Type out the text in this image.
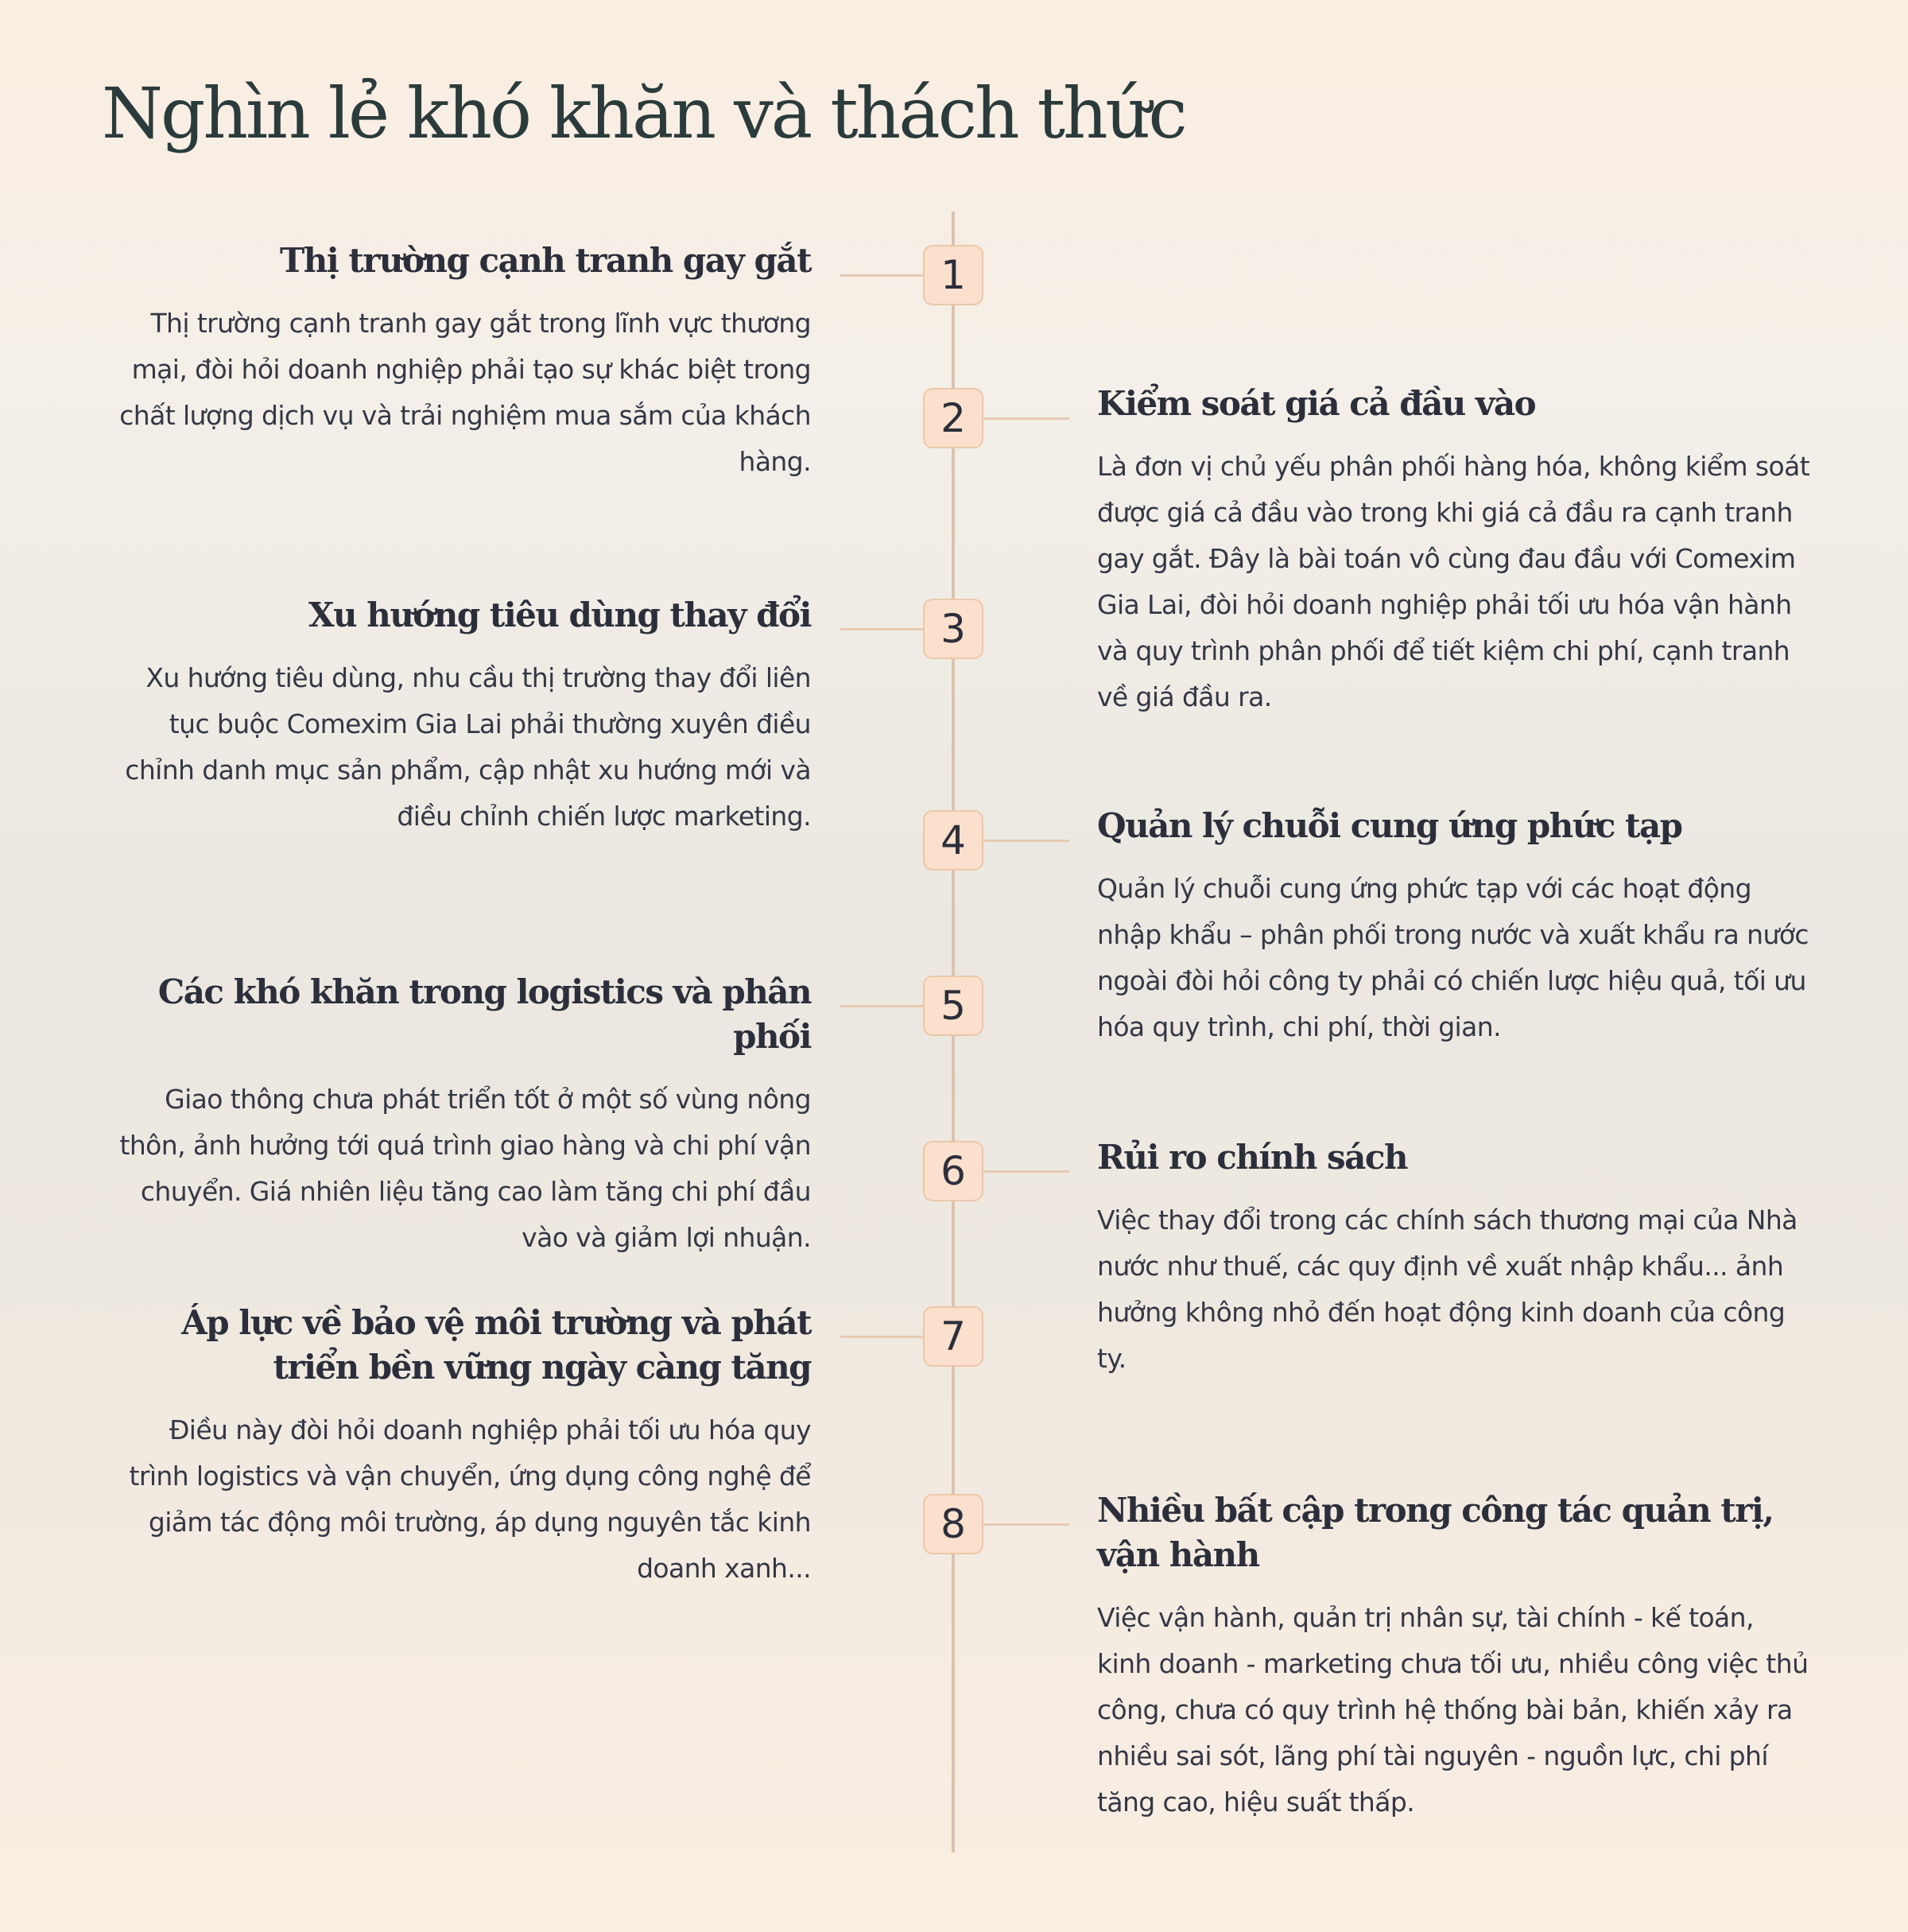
Nghìn lẻ khó khăn và thách thức
1
Thị trường cạnh tranh gay gắt

Thị trường cạnh tranh gay gắt trong lĩnh vực thương mại, đòi hỏi doanh nghiệp phải tạo sự khác biệt trong chất lượng dịch vụ và trải nghiệm mua sắm của khách hàng.

2	Kiểm soát giá cả đầu vào

Là đơn vị chủ yếu phân phối hàng hóa, không kiểm soát được giá cả đầu vào trong khi giá cả đầu ra cạnh tranh gay gắt. Đây là bài toán vô cùng đau đầu với Comexim Gia Lai, đòi hỏi doanh nghiệp phải tối ưu hóa vận hành và quy trình phân phối để tiết kiệm chi phí, cạnh tranh về giá đầu ra.

3
Xu hướng tiêu dùng thay đổi

Xu hướng tiêu dùng, nhu cầu thị trường thay đổi liên tục buộc Comexim Gia Lai phải thường xuyên điều chỉnh danh mục sản phẩm, cập nhật xu hướng mới và điều chỉnh chiến lược marketing.

4	Quản lý chuỗi cung ứng phức tạp

Quản lý chuỗi cung ứng phức tạp với các hoạt động nhập khẩu – phân phối trong nước và xuất khẩu ra nước ngoài đòi hỏi công ty phải có chiến lược hiệu quả, tối ưu hóa quy trình, chi phí, thời gian.

5
Các khó khăn trong logistics và phân phối

Giao thông chưa phát triển tốt ở một số vùng nông thôn, ảnh hưởng tới quá trình giao hàng và chi phí vận chuyển. Giá nhiên liệu tăng cao làm tăng chi phí đầu vào và giảm lợi nhuận.

6	Rủi ro chính sách

Việc thay đổi trong các chính sách thương mại của Nhà nước như thuế, các quy định về xuất nhập khẩu... ảnh hưởng không nhỏ đến hoạt động kinh doanh của công ty.

7
Áp lực về bảo vệ môi trường và phát triển bền vững ngày càng tăng

Điều này đòi hỏi doanh nghiệp phải tối ưu hóa quy trình logistics và vận chuyển, ứng dụng công nghệ để giảm tác động môi trường, áp dụng nguyên tắc kinh doanh xanh...

8	Nhiều bất cập trong công tác quản trị, vận hành

Việc vận hành, quản trị nhân sự, tài chính - kế toán, kinh doanh - marketing chưa tối ưu, nhiều công việc thủ công, chưa có quy trình hệ thống bài bản, khiến xảy ra nhiều sai sót, lãng phí tài nguyên - nguồn lực, chi phí tăng cao, hiệu suất thấp.
